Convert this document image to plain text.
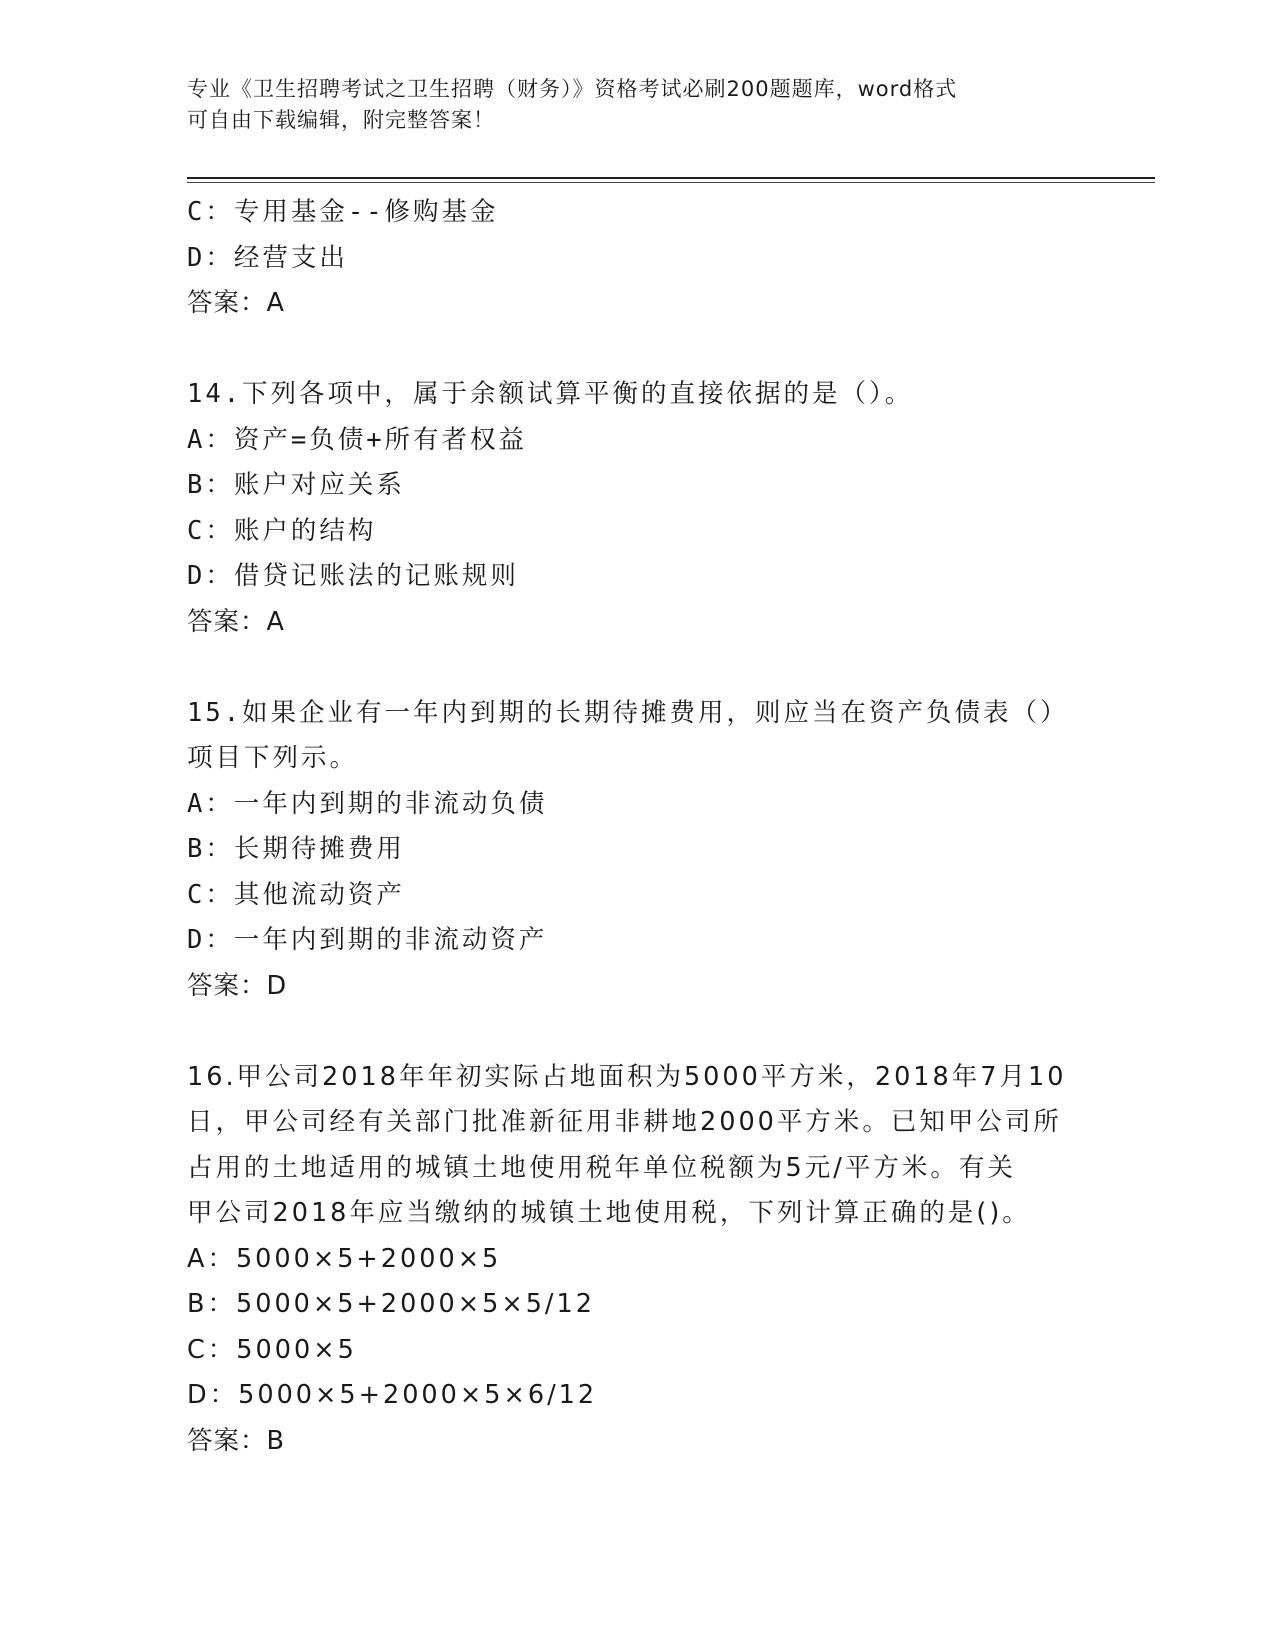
专业《卫生招聘考试之卫生招聘（财务）》资格考试必刷200题题库，word格式
可自由下载编辑，附完整答案！
C：专用基金--修购基金
D：经营支出
答案：A
14.下列各项中，属于余额试算平衡的直接依据的是（）。
A：资产=负债+所有者权益
B：账户对应关系
C：账户的结构
D：借贷记账法的记账规则
答案：A
15.如果企业有一年内到期的长期待摊费用，则应当在资产负债表（）
项目下列示。
A：一年内到期的非流动负债
B：长期待摊费用
C：其他流动资产
D：一年内到期的非流动资产
答案：D
16.甲公司2018年年初实际占地面积为5000平方米，2018年7月10
日，甲公司经有关部门批准新征用非耕地2000平方米。已知甲公司所
占用的土地适用的城镇土地使用税年单位税额为5元/平方米。有关
甲公司2018年应当缴纳的城镇土地使用税，下列计算正确的是()。
A：5000×5+2000×5
B：5000×5+2000×5×5/12
C：5000×5
D：5000×5+2000×5×6/12
答案：B
